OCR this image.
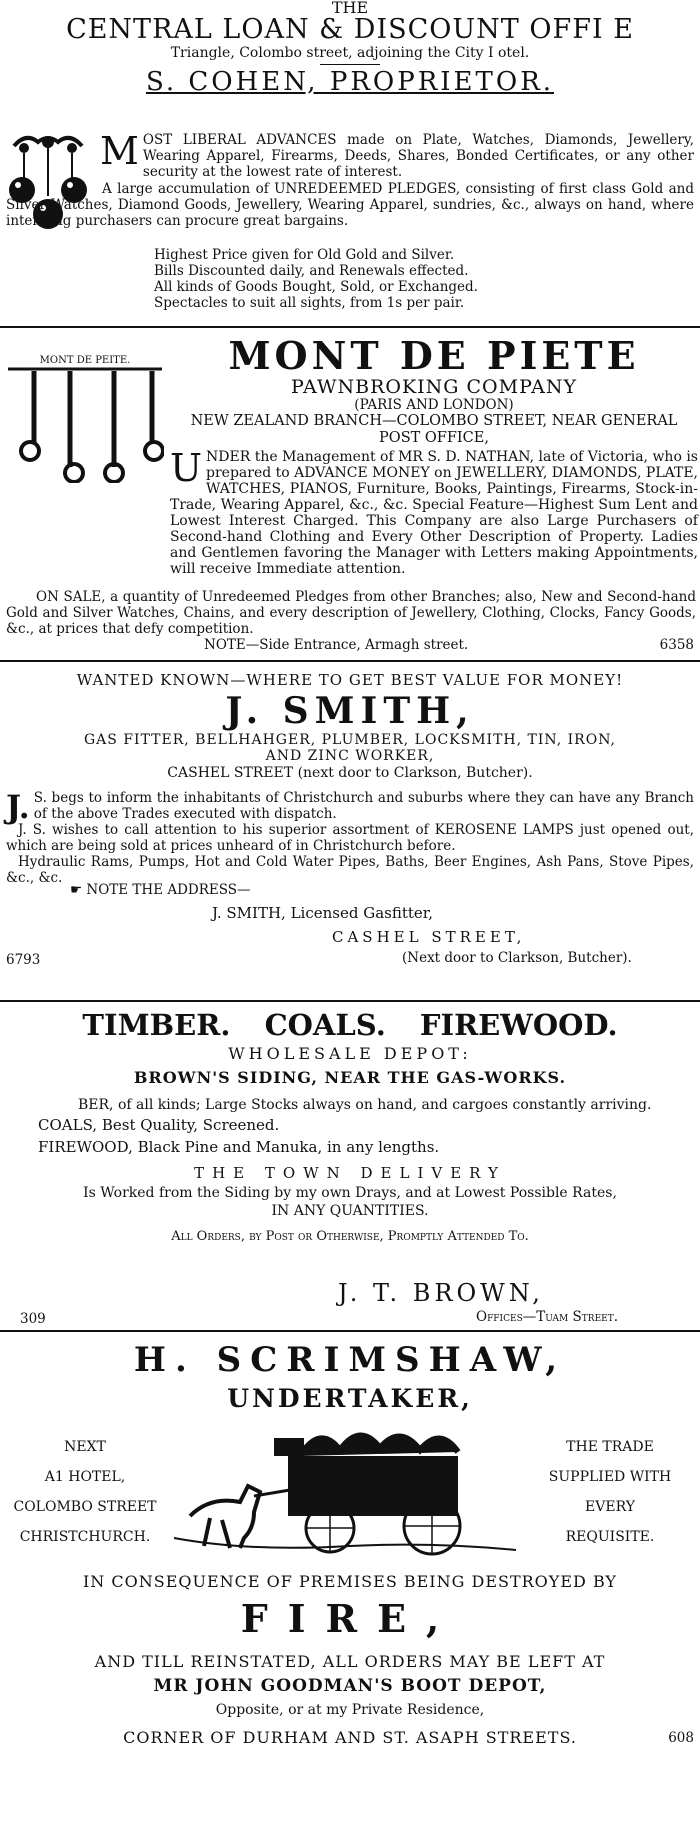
THE
CENTRAL LOAN & DISCOUNT OFFI E
Triangle, Colombo street, adjoining the City I otel.
S. COHEN, PROPRIETOR.
M OST LIBERAL ADVANCES made on Plate, Watches, Diamonds, Jewellery, Wearing Apparel, Firearms, Deeds, Shares, Bonded Certificates, or any other security at the lowest rate of interest.

A large accumulation of UNREDEEMED PLEDGES, consisting of first class Gold and Silver Watches, Diamond Goods, Jewellery, Wearing Apparel, sundries, &c., always on hand, where intending purchasers can procure great bargains.

Highest Price given for Old Gold and Silver.

Bills Discounted daily, and Renewals effected.

All kinds of Goods Bought, Sold, or Exchanged.

Spectacles to suit all sights, from 1s per pair.

MONT DE PEITE.	MONT DE PIETE
PAWNBROKING COMPANY
(PARIS AND LONDON)
NEW ZEALAND BRANCH—COLOMBO STREET, NEAR GENERAL POST OFFICE,
U NDER the Management of MR S. D. NATHAN, late of Victoria, who is prepared to ADVANCE MONEY on JEWELLERY, DIAMONDS, PLATE, WATCHES, PIANOS, Furniture, Books, Paintings, Firearms, Stock-in-Trade, Wearing Apparel, &c., &c. Special Feature—Highest Sum Lent and Lowest Interest Charged. This Company are also Large Purchasers of Second-hand Clothing and Every Other Description of Property. Ladies and Gentlemen favoring the Manager with Letters making Appointments, will receive Immediate attention.

ON SALE, a quantity of Unredeemed Pledges from other Branches; also, New and Second-hand Gold and Silver Watches, Chains, and every description of Jewellery, Clothing, Clocks, Fancy Goods, &c., at prices that defy competition.
NOTE—Side Entrance, Armagh street.	6358
WANTED KNOWN—WHERE TO GET BEST VALUE FOR MONEY!
J. SMITH,
GAS FITTER, BELLHAHGER, PLUMBER, LOCKSMITH, TIN, IRON,
AND ZINC WORKER,
CASHEL STREET (next door to Clarkson, Butcher).
J. S. begs to inform the inhabitants of Christchurch and suburbs where they can have any Branch of the above Trades executed with dispatch.

J. S. wishes to call attention to his superior assortment of KEROSENE LAMPS just opened out, which are being sold at prices unheard of in Christchurch before.

Hydraulic Rams, Pumps, Hot and Cold Water Pipes, Baths, Beer Engines, Ash Pans, Stove Pipes, &c., &c.

☛ NOTE THE ADDRESS—
J. SMITH, Licensed Gasfitter,
CASHEL STREET,
(Next door to Clarkson, Butcher).
6793
TIMBER. COALS. FIREWOOD.
WHOLESALE DEPOT:
BROWN'S SIDING, NEAR THE GAS-WORKS.
BER, of all kinds; Large Stocks always on hand, and cargoes constantly arriving.
COALS, Best Quality, Screened.
FIREWOOD, Black Pine and Manuka, in any lengths.
THE TOWN DELIVERY
Is Worked from the Siding by my own Drays, and at Lowest Possible Rates,
IN ANY QUANTITIES.
All Orders, by Post or Otherwise, Promptly Attended To.
J. T. BROWN,
Offices—Tuam Street.
309
H. SCRIMSHAW,
UNDERTAKER,

NEXT

A1 HOTEL,

COLOMBO STREET

CHRISTCHURCH.

THE TRADE

SUPPLIED WITH

EVERY

REQUISITE.

IN CONSEQUENCE OF PREMISES BEING DESTROYED BY
FIRE,
AND TILL REINSTATED, ALL ORDERS MAY BE LEFT AT
MR JOHN GOODMAN'S BOOT DEPOT,
Opposite, or at my Private Residence,
CORNER OF DURHAM AND ST. ASAPH STREETS.	608
